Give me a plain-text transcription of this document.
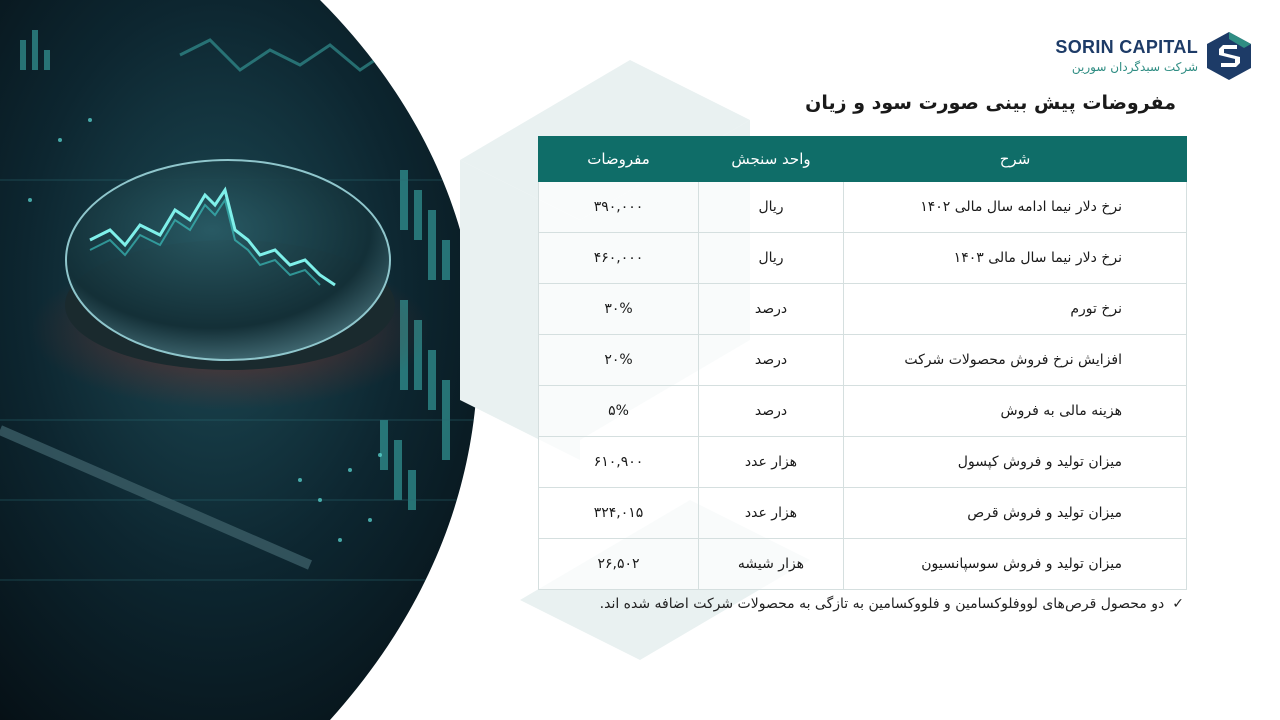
SORIN CAPITAL
شرکت سبدگردان سورین
مفروضات پیش بینی صورت سود و زیان
شرح	واحد سنجش	مفروضات
نرخ دلار نیما ادامه سال مالی ۱۴۰۲	ریال	۳۹۰,۰۰۰
نرخ دلار نیما سال مالی ۱۴۰۳	ریال	۴۶۰,۰۰۰
نرخ تورم	درصد	۳۰%
افزایش نرخ فروش محصولات شرکت	درصد	۲۰%
هزینه مالی به فروش	درصد	۵%
میزان تولید و فروش کپسول	هزار عدد	۶۱۰,۹۰۰
میزان تولید و فروش قرص	هزار عدد	۳۲۴,۰۱۵
میزان تولید و فروش سوسپانسیون	هزار شیشه	۲۶,۵۰۲
✓دو محصول قرص‌های لووفلوکسامین و فلووکسامین به تازگی به محصولات شرکت اضافه شده اند.
